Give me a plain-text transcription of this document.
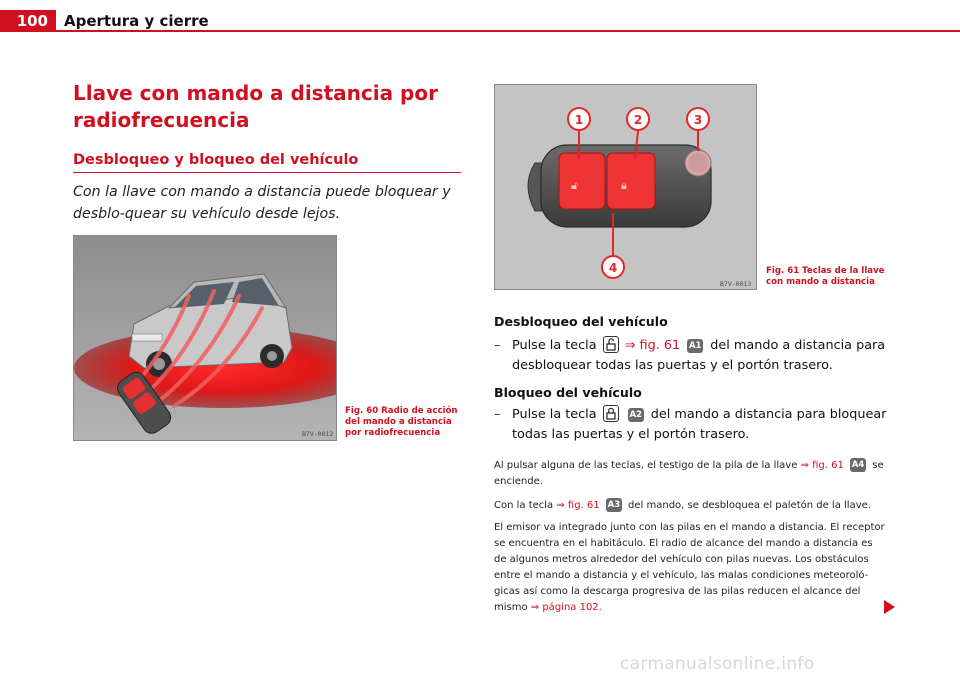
100	Apertura y cierre
Llave con mando a distancia por radiofrecuencia
Desbloqueo y bloqueo del vehículo

Con la llave con mando a distancia puede bloquear y desblo-quear su vehículo desde lejos.

B7V-0012
Fig. 60 Radio de acción del mando a distancia por radiofrecuencia
🔓︎	🔒︎
1	2	3
4
B7V-0013
Fig. 61 Teclas de la llave con mando a distancia
Desbloqueo del vehículo
– Pulse la tecla ⇒ fig. 61 A1 del mando a distancia para desbloquear todas las puertas y el portón trasero.
Bloqueo del vehículo
– Pulse la tecla	A2 del mando a distancia para bloquear todas las puertas y el portón trasero.

Al pulsar alguna de las teclas, el testigo de la pila de la llave ⇒ fig. 61 A4 se enciende.

Con la tecla ⇒ fig. 61 A3 del mando, se desbloquea el paletón de la llave.

El emisor va integrado junto con las pilas en el mando a distancia. El receptor se encuentra en el habitáculo. El radio de alcance del mando a distancia es de algunos metros alrededor del vehículo con pilas nuevas. Los obstáculos entre el mando a distancia y el vehículo, las malas condiciones meteoroló-gicas así como la descarga progresiva de las pilas reducen el alcance del mismo ⇒ página 102.

carmanualsonline.info
